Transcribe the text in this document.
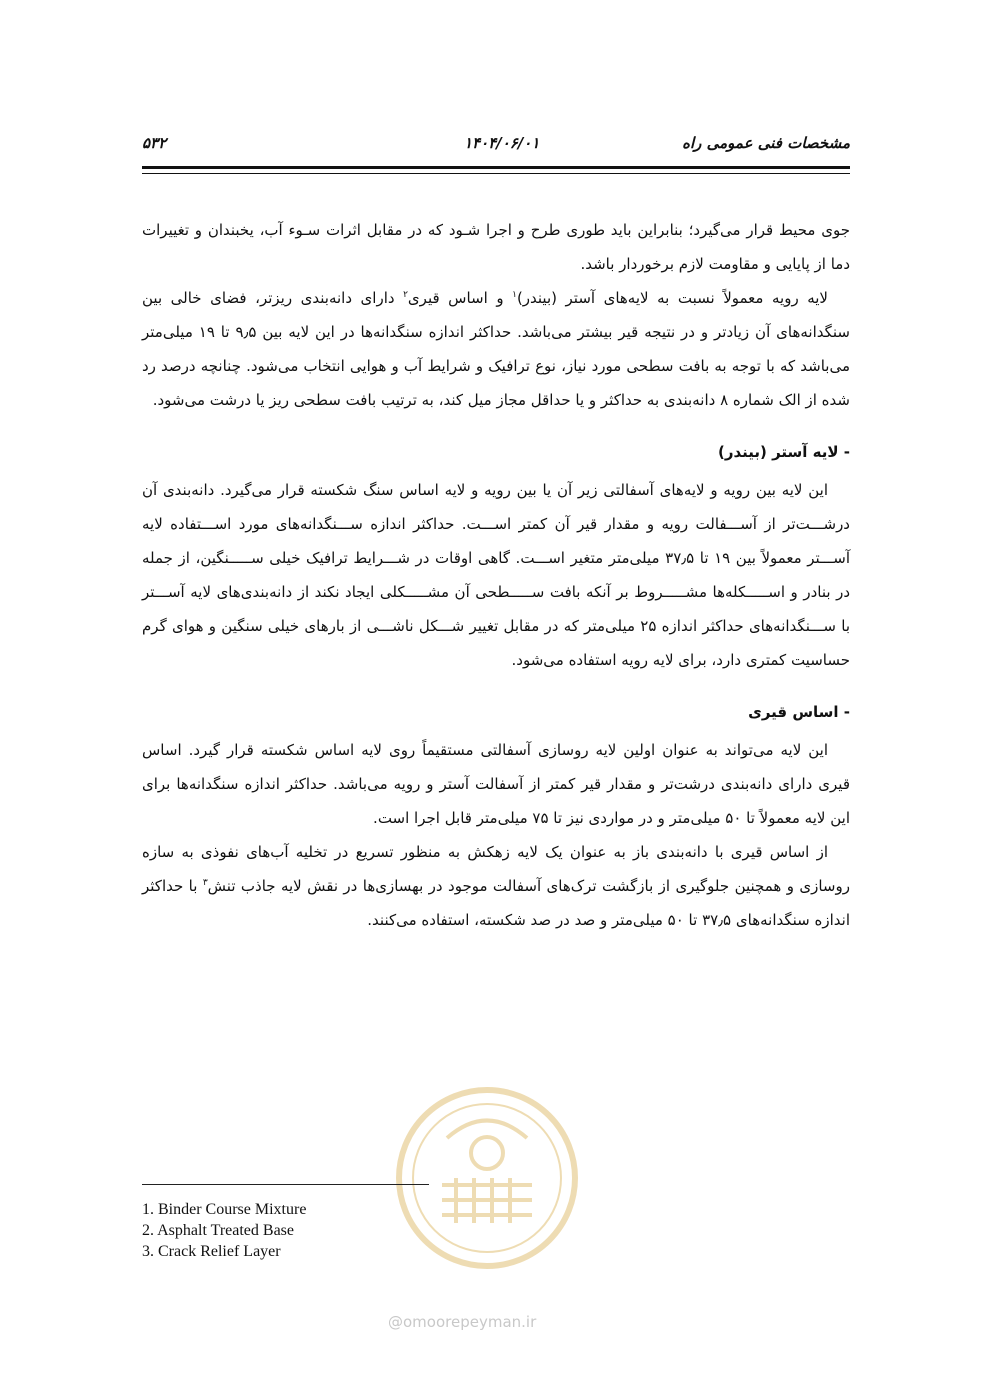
مشخصات فنی عمومی راه
۱۴۰۴/۰۶/۰۱
۵۳۲

جوی محیط قرار می‌گیرد؛ بنابراین باید طوری طرح و اجرا شـود که در مقابل اثرات سـوء آب، یخبندان و تغییرات دما از پایایی و مقاومت لازم برخوردار باشد.

لایه رویه معمولاً نسبت به لایه‌های آستر (بیندر)$^۱$ و اساس قیری$^۲$ دارای دانه‌بندی ریزتر، فضای خالی بین سنگدانه‌های آن زیادتر و در نتیجه قیر بیشتر می‌باشد. حداکثر اندازه سنگدانه‌ها در این لایه بین ۹٫۵ تا ۱۹ میلی‌متر می‌باشد که با توجه به بافت سطحی مورد نیاز، نوع ترافیک و شرایط آب و هوایی انتخاب می‌شود. چنانچه درصد رد شده از الک شماره ۸ دانه‌بندی به حداکثر و یا حداقل مجاز میل کند، به ترتیب بافت سطحی ریز یا درشت می‌شود.

- لایه آستر (بیندر)

این لایه بین رویه و لایه‌های آسفالتی زیر آن یا بین رویه و لایه اساس سنگ شکسته قرار می‌گیرد. دانه‌بندی آن درشـــت‌تر از آســـفالت رویه و مقدار قیر آن کمتر اســـت. حداکثر اندازه ســـنگدانه‌های مورد اســـتفاده لایه آســـتر معمولاً بین ۱۹ تا ۳۷٫۵ میلی‌متر متغیر اســـت. گاهی اوقات در شـــرایط ترافیک خیلی ســـــنگین، از جمله در بنادر و اســـــکله‌ها مشـــــروط بر آنکه بافت ســـــطحی آن مشـــــکلی ایجاد نکند از دانه‌بندی‌های لایه آســـتر با ســـنگدانه‌های حداکثر اندازه ۲۵ میلی‌متر که در مقابل تغییر شـــکل ناشـــی از بارهای خیلی سنگین و هوای گرم حساسیت کمتری دارد، برای لایه رویه استفاده می‌شود.

- اساس قیری

این لایه می‌تواند به عنوان اولین لایه روسازی آسفالتی مستقیماً روی لایه اساس شکسته قرار گیرد. اساس قیری دارای دانه‌بندی درشت‌تر و مقدار قیر کمتر از آسفالت آستر و رویه می‌باشد. حداکثر اندازه سنگدانه‌ها برای این لایه معمولاً تا ۵۰ میلی‌متر و در مواردی نیز تا ۷۵ میلی‌متر قابل اجرا است.

از اساس قیری با دانه‌بندی باز به عنوان یک لایه زهکش به منظور تسریع در تخلیه آب‌های نفوذی به سازه روسازی و همچنین جلوگیری از بازگشت ترک‌های آسفالت موجود در بهسازی‌ها در نقش لایه جاذب تنش$^۳$ با حداکثر اندازه سنگدانه‌های ۳۷٫۵ تا ۵۰ میلی‌متر و صد در صد شکسته، استفاده می‌کنند.

@omoorepeyman.ir
1. Binder Course Mixture
2. Asphalt Treated Base
3. Crack Relief Layer
